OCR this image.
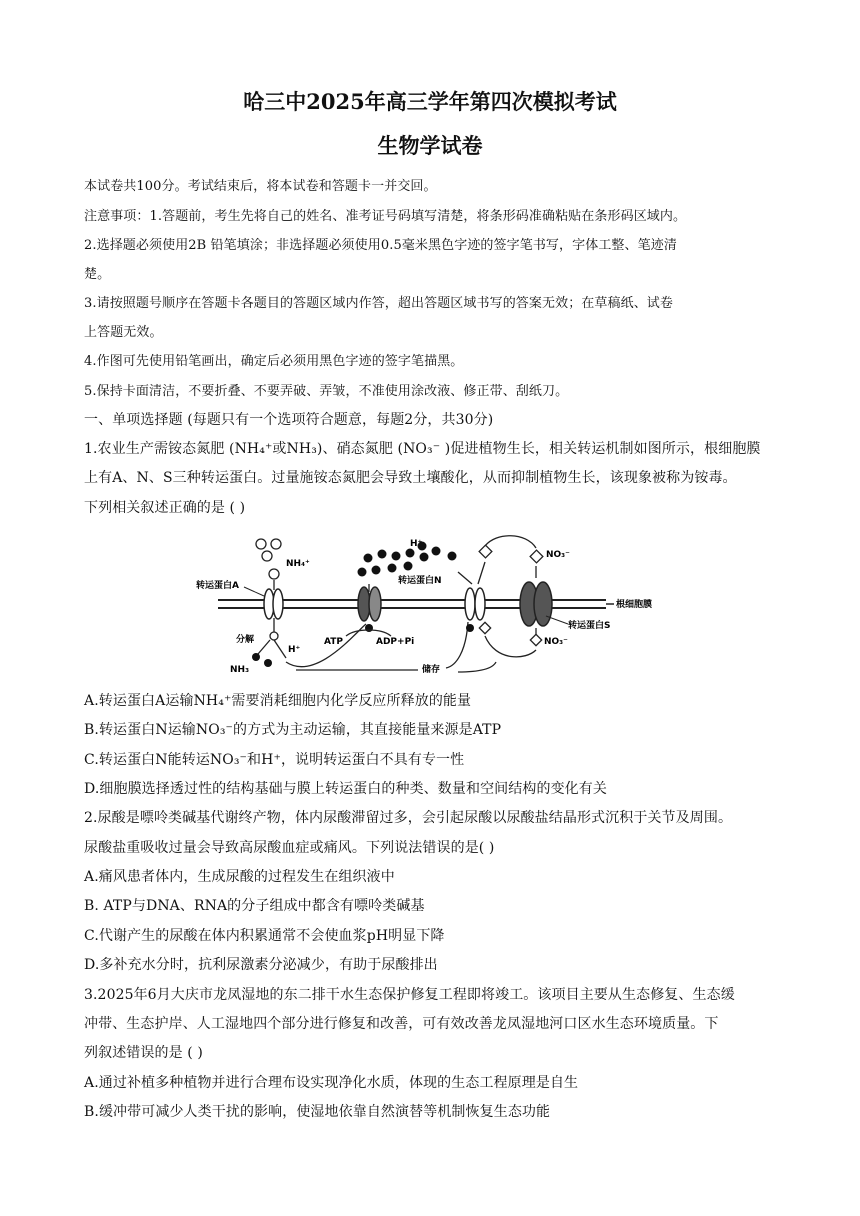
哈三中2025年高三学年第四次模拟考试
生物学试卷
本试卷共100分。考试结束后，将本试卷和答题卡一并交回。
注意事项：1.答题前，考生先将自己的姓名、准考证号码填写清楚，将条形码准确粘贴在条形码区域内。
2.选择题必须使用2B 铅笔填涂；非选择题必须使用0.5毫米黑色字迹的签字笔书写，字体工整、笔迹清
楚。
3.请按照题号顺序在答题卡各题目的答题区域内作答，超出答题区域书写的答案无效；在草稿纸、试卷
上答题无效。
4.作图可先使用铅笔画出，确定后必须用黑色字迹的签字笔描黑。
5.保持卡面清洁，不要折叠、不要弄破、弄皱，不准使用涂改液、修正带、刮纸刀。
一、单项选择题 (每题只有一个选项符合题意，每题2分，共30分)
1.农业生产需铵态氮肥 (NH₄⁺或NH₃)、硝态氮肥 (NO₃⁻ )促进植物生长，相关转运机制如图所示，根细胞膜
上有A、N、S三种转运蛋白。过量施铵态氮肥会导致土壤酸化，从而抑制植物生长，该现象被称为铵毒。
下列相关叙述正确的是 ( )
NH₄⁺
H⁺
NO₃⁻
转运蛋白A	转运蛋白N
根细胞膜
转运蛋白S
分解
NH₃
H⁺
ATP	ADP+Pi
储存
NO₃⁻
A.转运蛋白A运输NH₄⁺需要消耗细胞内化学反应所释放的能量
B.转运蛋白N运输NO₃⁻的方式为主动运输，其直接能量来源是ATP
C.转运蛋白N能转运NO₃⁻和H⁺，说明转运蛋白不具有专一性
D.细胞膜选择透过性的结构基础与膜上转运蛋白的种类、数量和空间结构的变化有关
2.尿酸是嘌呤类碱基代谢终产物，体内尿酸滞留过多，会引起尿酸以尿酸盐结晶形式沉积于关节及周围。
尿酸盐重吸收过量会导致高尿酸血症或痛风。下列说法错误的是( )
A.痛风患者体内，生成尿酸的过程发生在组织液中
B. ATP与DNA、RNA的分子组成中都含有嘌呤类碱基
C.代谢产生的尿酸在体内积累通常不会使血浆pH明显下降
D.多补充水分时，抗利尿激素分泌减少，有助于尿酸排出
3.2025年6月大庆市龙凤湿地的东二排干水生态保护修复工程即将竣工。该项目主要从生态修复、生态缓
冲带、生态护岸、人工湿地四个部分进行修复和改善，可有效改善龙凤湿地河口区水生态环境质量。下
列叙述错误的是 ( )
A.通过补植多种植物并进行合理布设实现净化水质，体现的生态工程原理是自生
B.缓冲带可减少人类干扰的影响，使湿地依靠自然演替等机制恢复生态功能
